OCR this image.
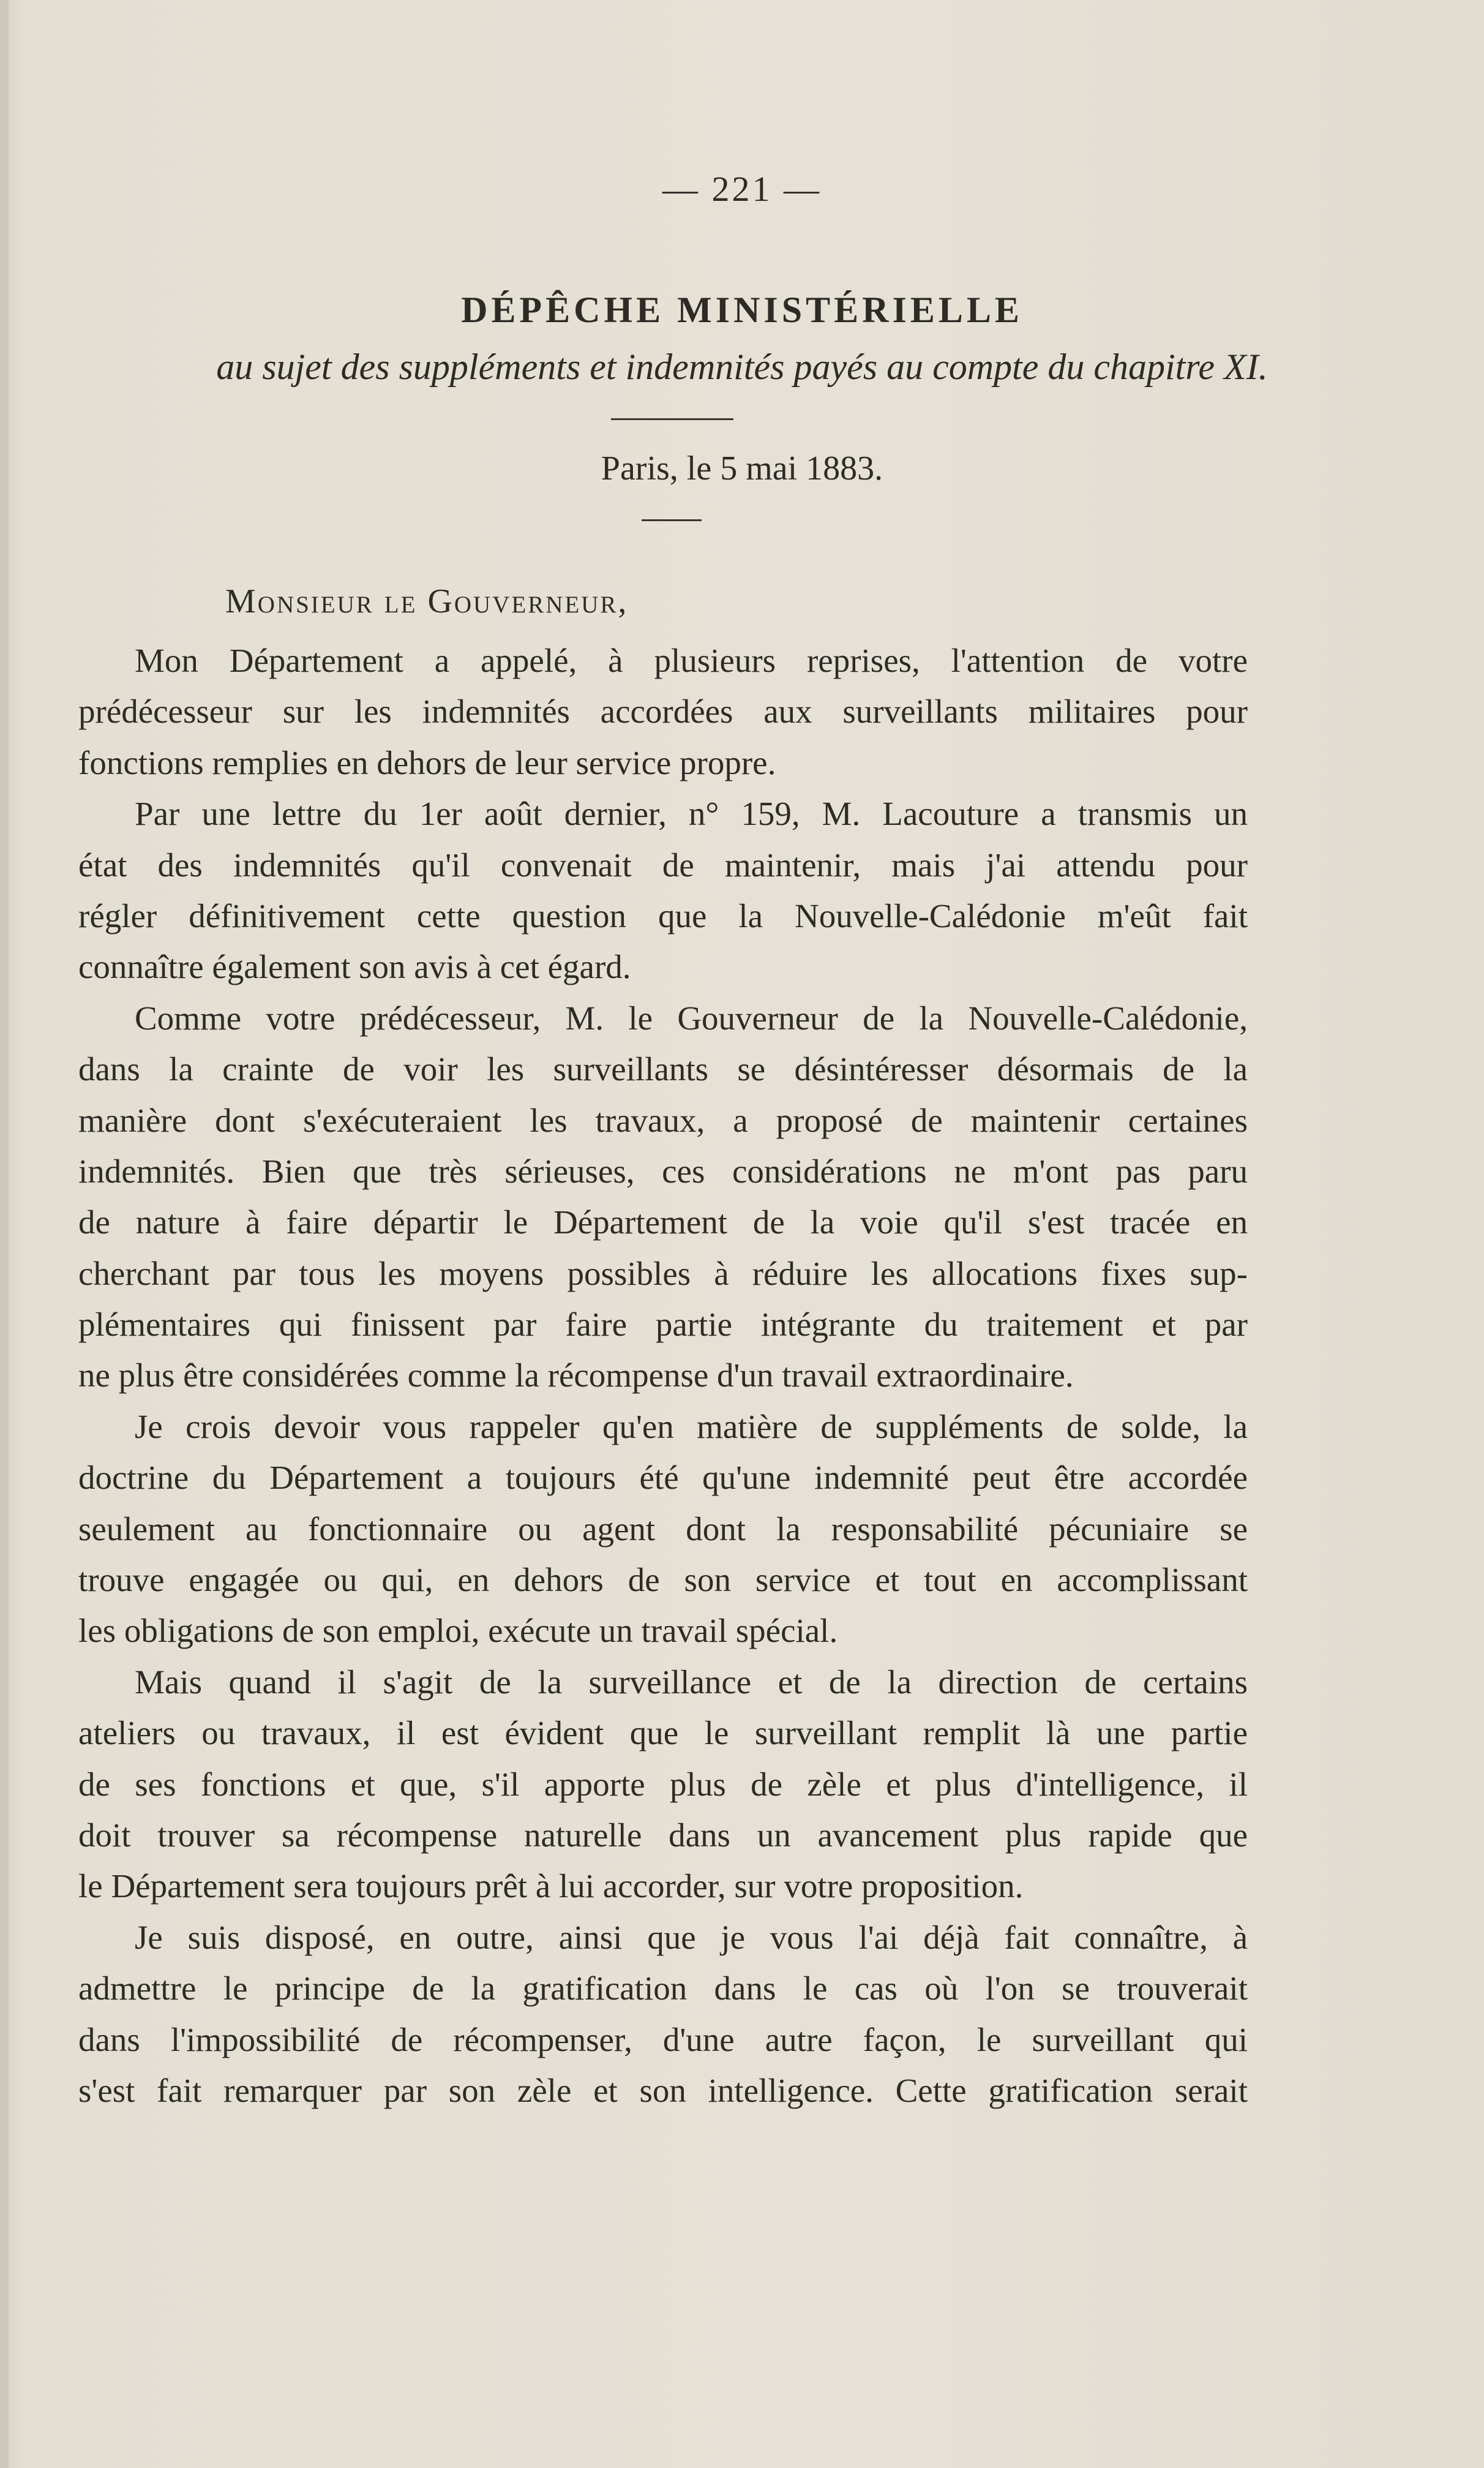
— 221 —
DÉPÊCHE MINISTÉRIELLE
au sujet des suppléments et indemnités payés au compte du chapitre XI.
Paris, le 5 mai 1883.
Monsieur le Gouverneur,
Mon Département a appelé, à plusieurs reprises, l'attention de votre
prédécesseur sur les indemnités accordées aux surveillants militaires pour
fonctions remplies en dehors de leur service propre.
Par une lettre du 1er août dernier, n° 159, M. Lacouture a transmis un
état des indemnités qu'il convenait de maintenir, mais j'ai attendu pour
régler définitivement cette question que la Nouvelle-Calédonie m'eût fait
connaître également son avis à cet égard.
Comme votre prédécesseur, M. le Gouverneur de la Nouvelle-Calédonie,
dans la crainte de voir les surveillants se désintéresser désormais de la
manière dont s'exécuteraient les travaux, a proposé de maintenir certaines
indemnités. Bien que très sérieuses, ces considérations ne m'ont pas paru
de nature à faire départir le Département de la voie qu'il s'est tracée en
cherchant par tous les moyens possibles à réduire les allocations fixes sup-
plémentaires qui finissent par faire partie intégrante du traitement et par
ne plus être considérées comme la récompense d'un travail extraordinaire.
Je crois devoir vous rappeler qu'en matière de suppléments de solde, la
doctrine du Département a toujours été qu'une indemnité peut être accordée
seulement au fonctionnaire ou agent dont la responsabilité pécuniaire se
trouve engagée ou qui, en dehors de son service et tout en accomplissant
les obligations de son emploi, exécute un travail spécial.
Mais quand il s'agit de la surveillance et de la direction de certains
ateliers ou travaux, il est évident que le surveillant remplit là une partie
de ses fonctions et que, s'il apporte plus de zèle et plus d'intelligence, il
doit trouver sa récompense naturelle dans un avancement plus rapide que
le Département sera toujours prêt à lui accorder, sur votre proposition.
Je suis disposé, en outre, ainsi que je vous l'ai déjà fait connaître, à
admettre le principe de la gratification dans le cas où l'on se trouverait
dans l'impossibilité de récompenser, d'une autre façon, le surveillant qui
s'est fait remarquer par son zèle et son intelligence. Cette gratification serait
